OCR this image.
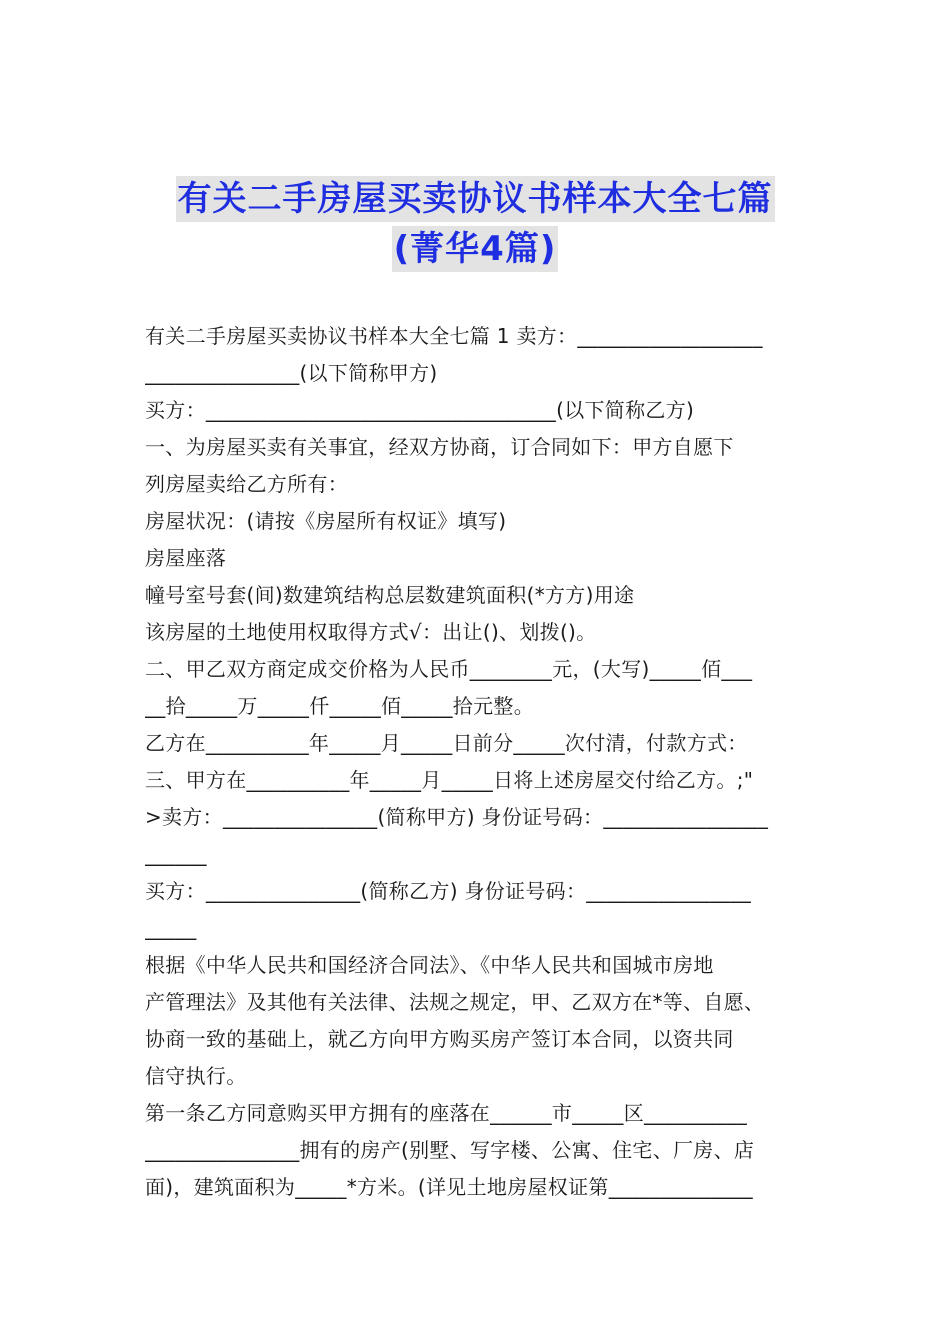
有关二手房屋买卖协议书样本大全七篇
(菁华4篇)
有关二手房屋买卖协议书样本大全七篇 1 卖方：__________________
_______________(以下简称甲方)
买方：__________________________________(以下简称乙方)
一、为房屋买卖有关事宜，经双方协商，订合同如下：甲方自愿下
列房屋卖给乙方所有：
房屋状况：(请按《房屋所有权证》填写)
房屋座落
幢号室号套(间)数建筑结构总层数建筑面积(*方方)用途
该房屋的土地使用权取得方式√：出让()、划拨()。
二、甲乙双方商定成交价格为人民币________元，(大写)_____佰___
__拾_____万_____仟_____佰_____拾元整。
乙方在__________年_____月_____日前分_____次付清，付款方式：
三、甲方在__________年_____月_____日将上述房屋交付给乙方。;"
>卖方：_______________(简称甲方) 身份证号码：________________
______
买方：_______________(简称乙方) 身份证号码：________________
_____
根据《中华人民共和国经济合同法》、《中华人民共和国城市房地
产管理法》及其他有关法律、法规之规定，甲、乙双方在*等、自愿、
协商一致的基础上，就乙方向甲方购买房产签订本合同，以资共同
信守执行。
第一条乙方同意购买甲方拥有的座落在______市_____区__________
_______________拥有的房产(别墅、写字楼、公寓、住宅、厂房、店
面)，建筑面积为_____*方米。(详见土地房屋权证第______________
